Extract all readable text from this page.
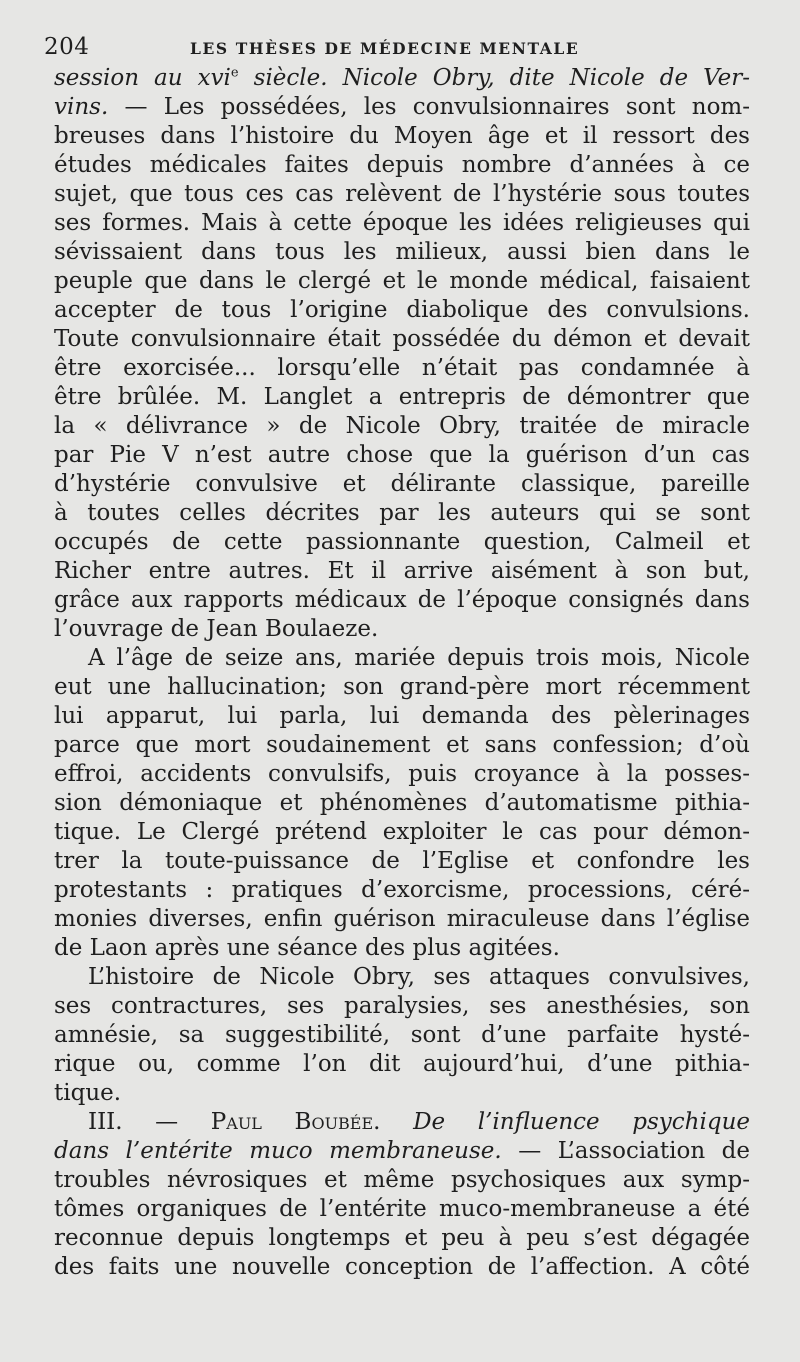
204	LES THÈSES DE MÉDECINE MENTALE
session au xvi$^e$ siècle. Nicole Obry, dite Nicole de Ver-
vins. — Les possédées, les convulsionnaires sont nom-
breuses dans l’histoire du Moyen âge et il ressort des
études médicales faites depuis nombre d’années à ce
sujet, que tous ces cas relèvent de l’hystérie sous toutes
ses formes. Mais à cette époque les idées religieuses qui
sévissaient dans tous les milieux, aussi bien dans le
peuple que dans le clergé et le monde médical, faisaient
accepter de tous l’origine diabolique des convulsions.
Toute convulsionnaire était possédée du démon et devait
être exorcisée... lorsqu’elle n’était pas condamnée à
être brûlée. M. Langlet a entrepris de démontrer que
la « délivrance » de Nicole Obry, traitée de miracle
par Pie V n’est autre chose que la guérison d’un cas
d’hystérie convulsive et délirante classique, pareille
à toutes celles décrites par les auteurs qui se sont
occupés de cette passionnante question, Calmeil et
Richer entre autres. Et il arrive aisément à son but,
grâce aux rapports médicaux de l’époque consignés dans
l’ouvrage de Jean Boulaeze.
A l’âge de seize ans, mariée depuis trois mois, Nicole
eut une hallucination; son grand-père mort récemment
lui apparut, lui parla, lui demanda des pèlerinages
parce que mort soudainement et sans confession; d’où
effroi, accidents convulsifs, puis croyance à la posses-
sion démoniaque et phénomènes d’automatisme pithia-
tique. Le Clergé prétend exploiter le cas pour démon-
trer la toute-puissance de l’Eglise et confondre les
protestants : pratiques d’exorcisme, processions, céré-
monies diverses, enfin guérison miraculeuse dans l’église
de Laon après une séance des plus agitées.
L’histoire de Nicole Obry, ses attaques convulsives,
ses contractures, ses paralysies, ses anesthésies, son
amnésie, sa suggestibilité, sont d’une parfaite hysté-
rique ou, comme l’on dit aujourd’hui, d’une pithia-
tique.
III. — Paul Boubée. De l’influence psychique
dans l’entérite muco membraneuse. — L’association de
troubles névrosiques et même psychosiques aux symp-
tômes organiques de l’entérite muco-membraneuse a été
reconnue depuis longtemps et peu à peu s’est dégagée
des faits une nouvelle conception de l’affection. A côté
